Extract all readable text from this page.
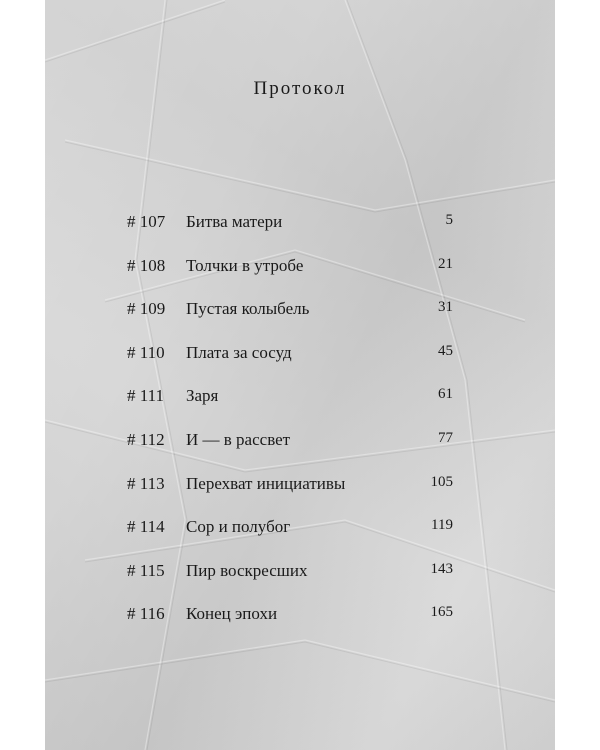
Протокол
# 107 Битва матери	5
# 108 Толчки в утробе	21
# 109 Пустая колыбель	31
# 110 Плата за сосуд	45
# 111 Заря	61
# 112 И — в рассвет	77
# 113 Перехват инициативы	105
# 114 Сор и полубог	119
# 115 Пир воскресших	143
# 116 Конец эпохи	165
